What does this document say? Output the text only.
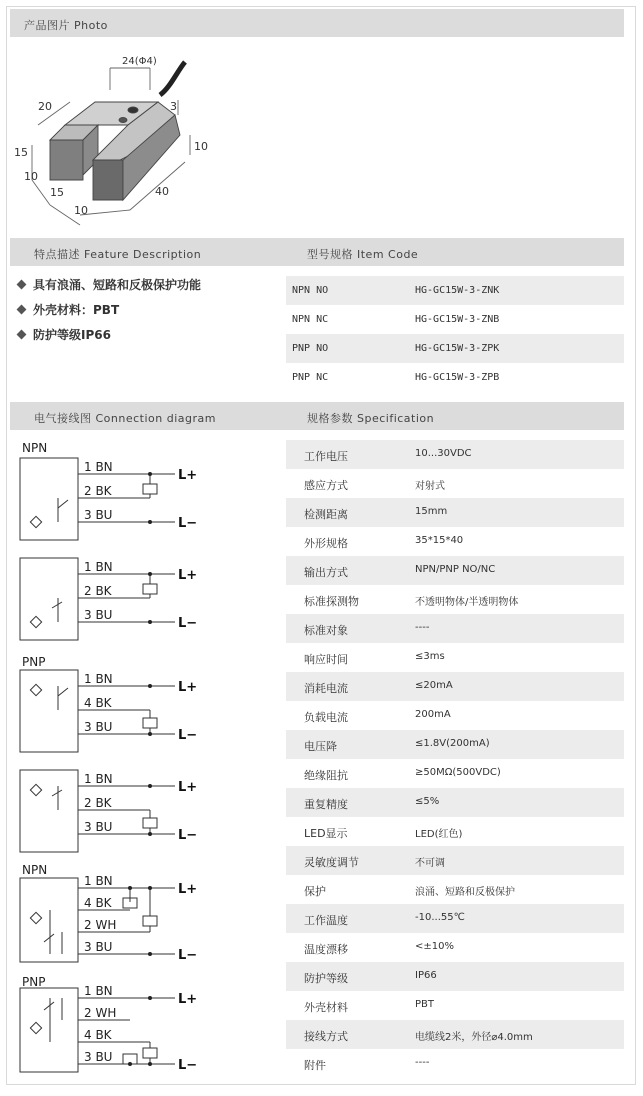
产品图片 Photo
24(Φ4)
20	3
15	10
10
15
10
40
特点描述 Feature Description	型号规格 Item Code
具有浪涌、短路和反极保护功能
外壳材料：PBT
防护等级IP66
NPN NO	HG-GC15W-3-ZNK
NPN NC	HG-GC15W-3-ZNB
PNP NO	HG-GC15W-3-ZPK
PNP NC	HG-GC15W-3-ZPB
电气接线图 Connection diagram	规格参数 Specification
NPN
1 BN
2 BK
3 BU
1 BN
2 BK
3 BU
PNP
1 BN
4 BK
3 BU
1 BN
2 BK
3 BU
NPN
1 BN
4 BK
2 WH
3 BU
PNP
1 BN
2 WH
4 BK
3 BU
L+
L−
L+
L−
L+
L−
L+
L−
L+
L−
L+
L−
工作电压	10...30VDC
感应方式	对射式
检测距离	15mm
外形规格	35*15*40
输出方式	NPN/PNP NO/NC
标准探测物	不透明物体/半透明物体
标准对象	----
响应时间	≤3ms
消耗电流	≤20mA
负载电流	200mA
电压降	≤1.8V(200mA)
绝缘阻抗	≥50MΩ(500VDC)
重复精度	≤5%
LED显示	LED(红色)
灵敏度调节	不可调
保护	浪涌、短路和反极保护
工作温度	-10...55℃
温度漂移	<±10%
防护等级	IP66
外壳材料	PBT
接线方式	电缆线2米，外径⌀4.0mm
附件	----
